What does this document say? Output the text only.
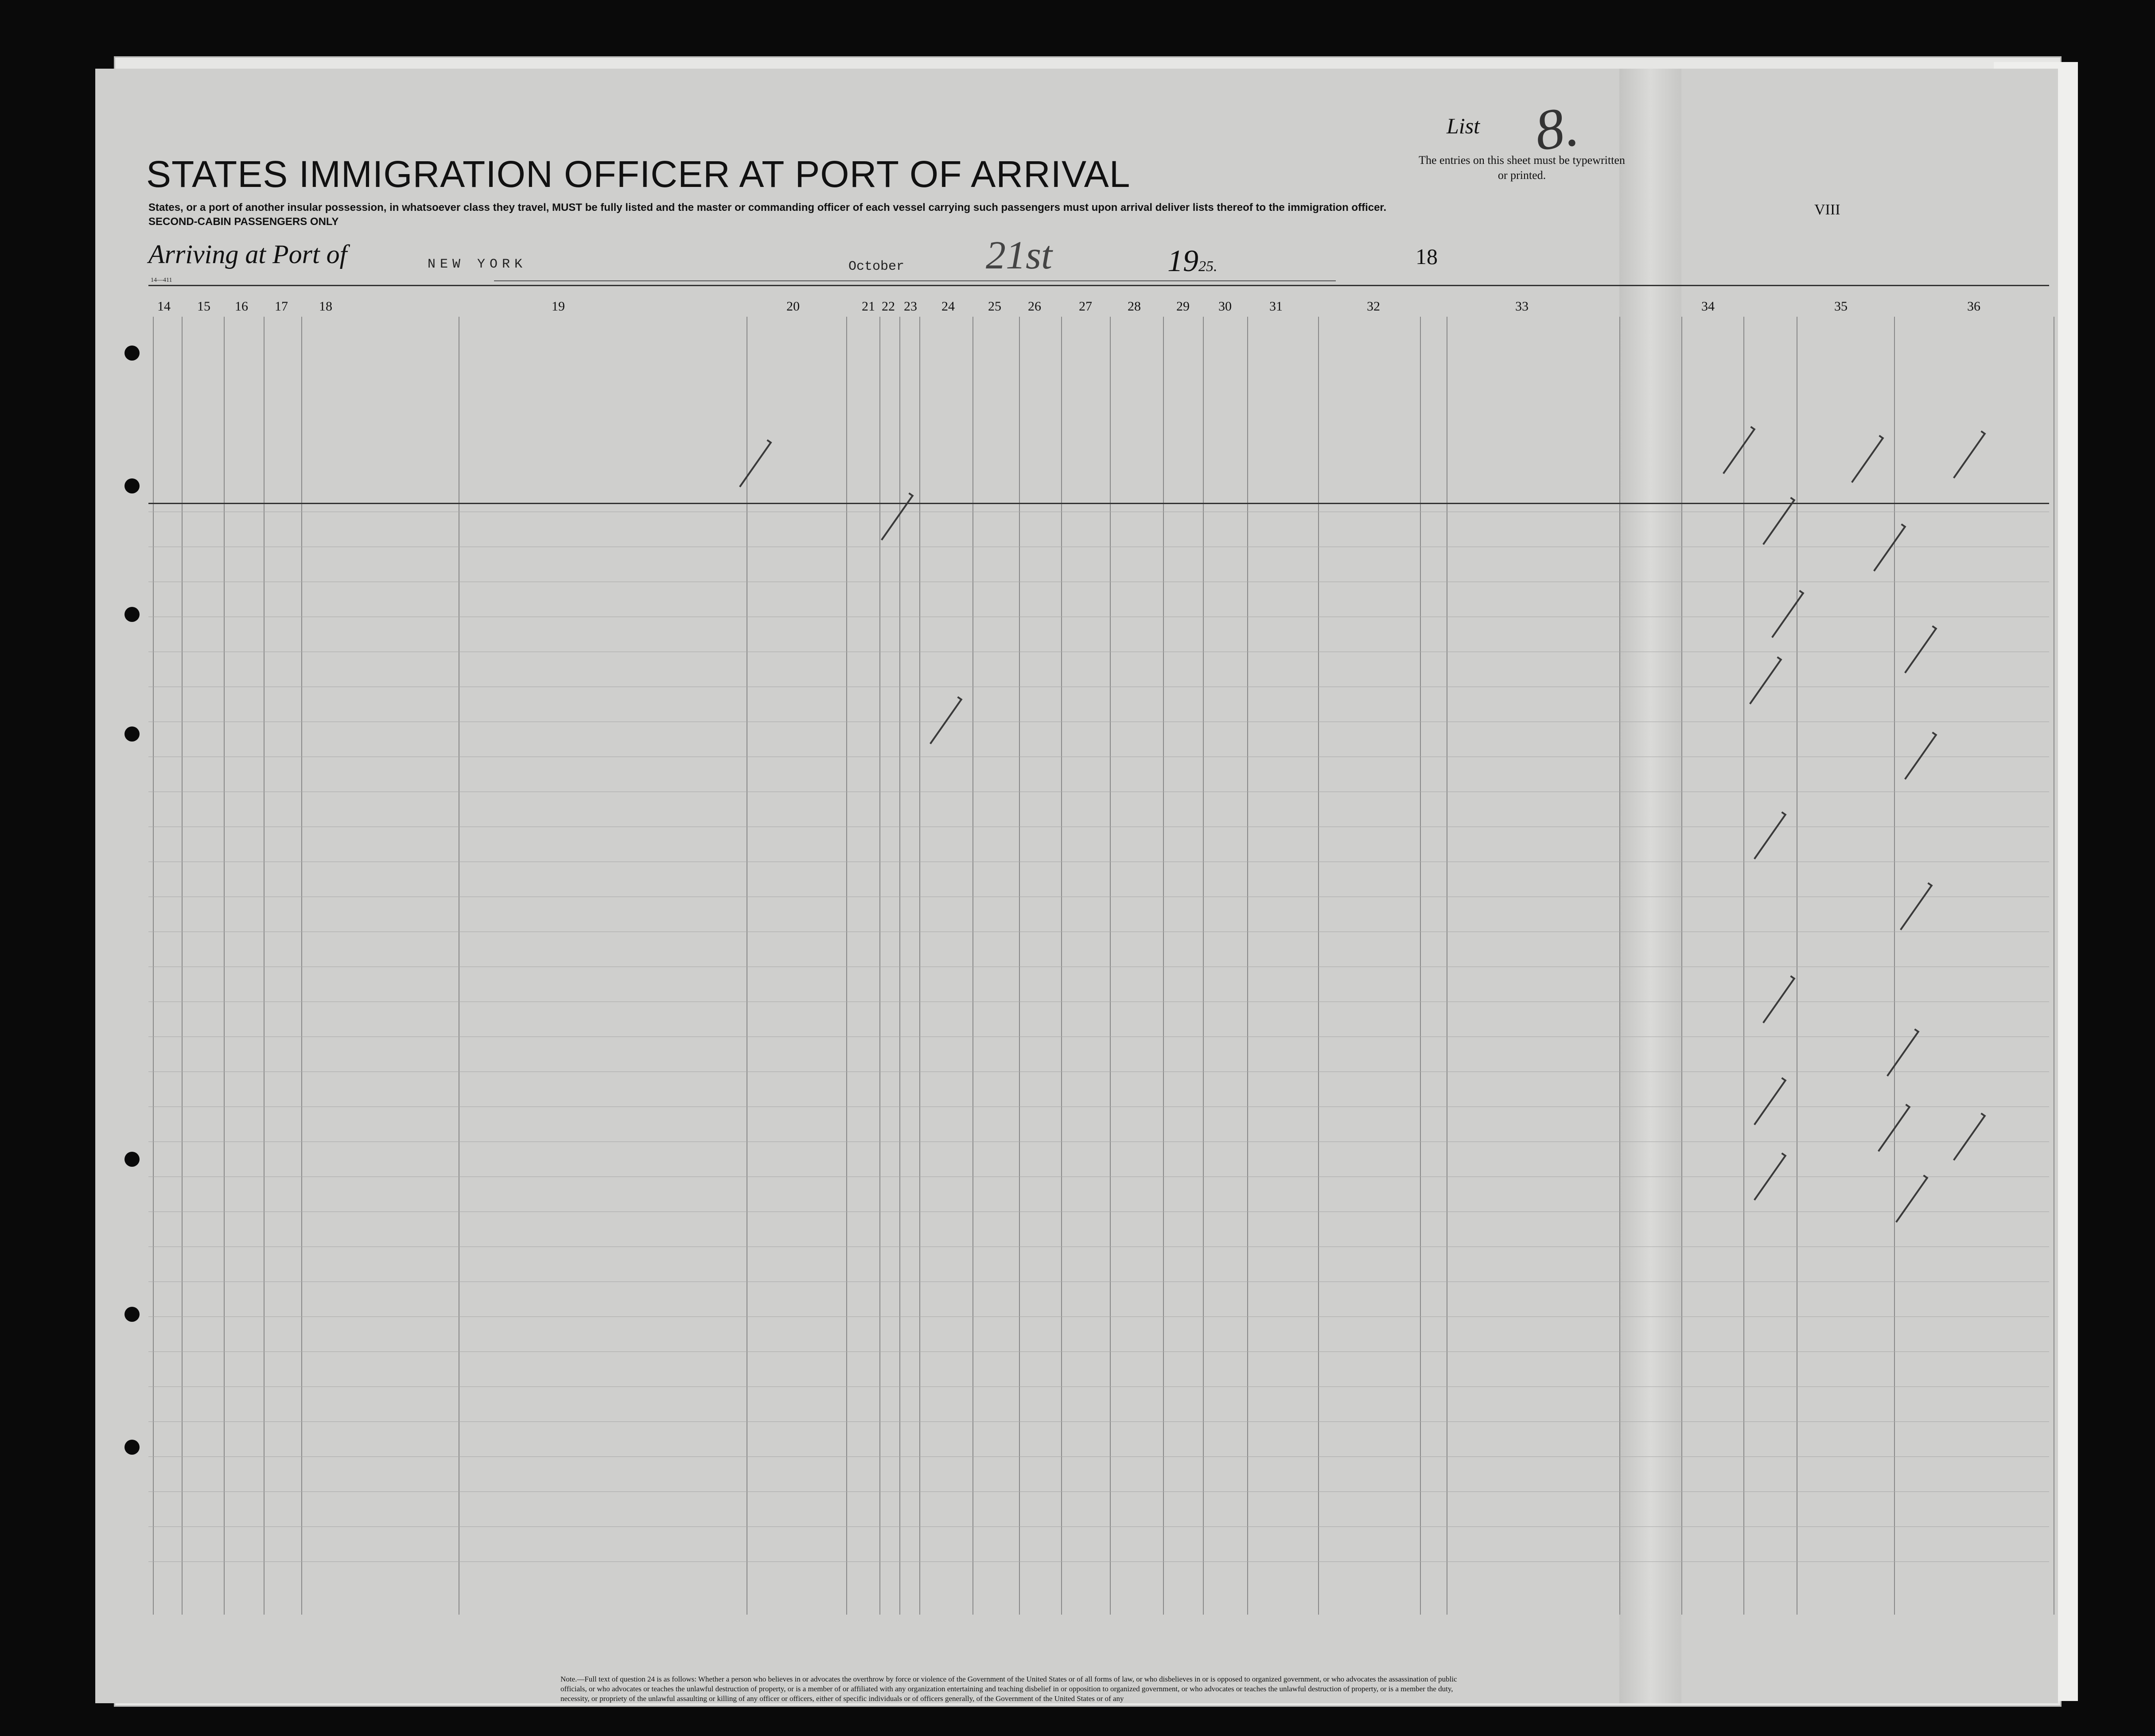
STATES IMMIGRATION OFFICER AT PORT OF ARRIVAL
States, or a port of another insular possession, in whatsoever class they travel, MUST be fully listed and the master or commanding officer of each vessel carrying such passengers must upon arrival deliver lists thereof to the immigration officer.
SECOND-CABIN PASSENGERS ONLY
List 8.
The entries on this sheet must be typewritten or printed.
VIII
Arriving at Port of	NEW YORK	October 21st	1925.	18
14—411
14 15 16 17 18	19	20	21 22 23 24	25 26	27	28	29 30	31	32	33	34	35	36
Note.—Full text of question 24 is as follows: Whether a person who believes in or advocates the overthrow by force or violence of the Government of the United States or of all forms of law, or who disbelieves in or is opposed to organized government, or who advocates the assassination of public officials, or who advocates or teaches the unlawful destruction of property, or is a member of or affiliated with any organization entertaining and teaching disbelief in or opposition to organized government, or who advocates or teaches the unlawful destruction of property, or is a member the duty, necessity, or propriety of the unlawful assaulting or killing of any officer or officers, either of specific individuals or of officers generally, of the Government of the United States or of any
